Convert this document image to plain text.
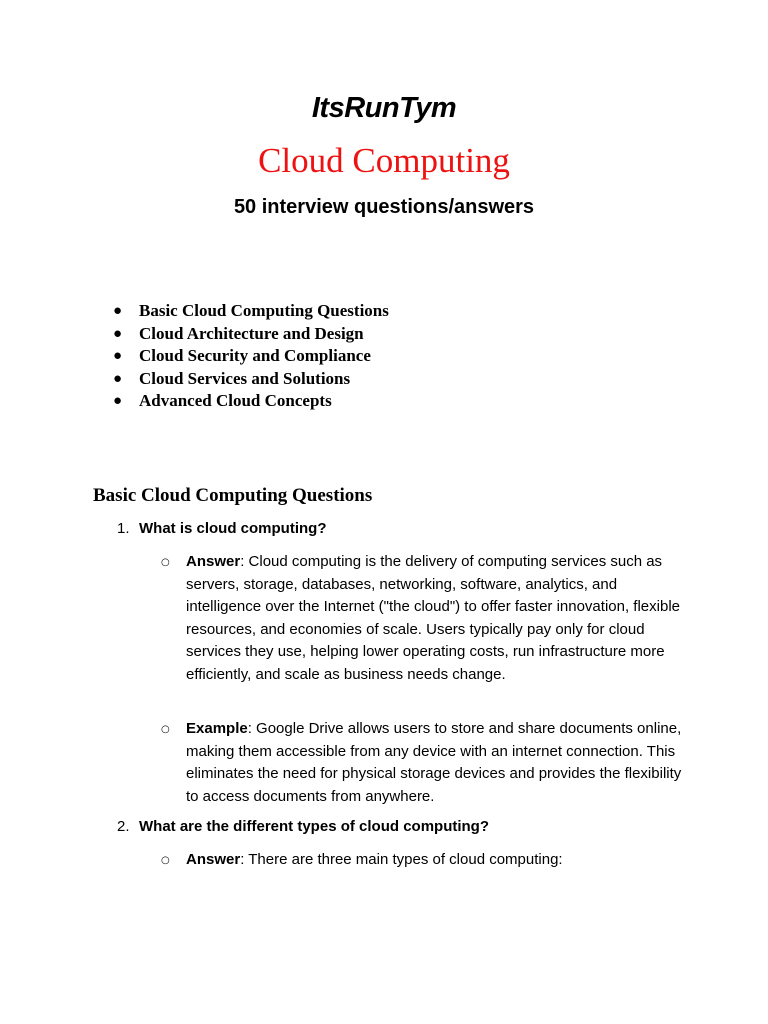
ItsRunTym
Cloud Computing
50 interview questions/answers
● Basic Cloud Computing Questions
● Cloud Architecture and Design
● Cloud Security and Compliance
● Cloud Services and Solutions
● Advanced Cloud Concepts
Basic Cloud Computing Questions
1. What is cloud computing?
○ Answer: Cloud computing is the delivery of computing services such as servers, storage, databases, networking, software, analytics, and intelligence over the Internet ("the cloud") to offer faster innovation, flexible resources, and economies of scale. Users typically pay only for cloud services they use, helping lower operating costs, run infrastructure more efficiently, and scale as business needs change.
○ Example: Google Drive allows users to store and share documents online, making them accessible from any device with an internet connection. This eliminates the need for physical storage devices and provides the flexibility to access documents from anywhere.
2. What are the different types of cloud computing?
○ Answer: There are three main types of cloud computing:
